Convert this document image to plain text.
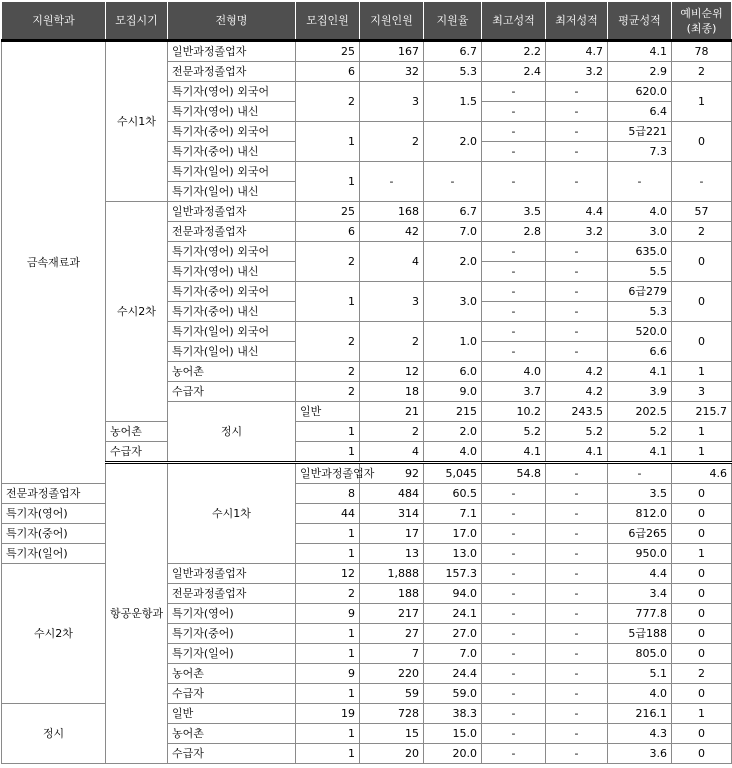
지원학과	모집시기	전형명	모집인원	지원인원	지원율	최고성적	최저성적	평균성적	예비순위
(최종)	
금속재료과	수시1차	일반과정졸업자	25	167	6.7	2.2	4.7	4.1	78	
		전문과정졸업자	6	32	5.3	2.4	3.2	2.9	2	
		특기자(영어) 외국어	2	3	1.5	-	-	620.0	1	
		특기자(영어) 내신				-	-	6.4		
		특기자(중어) 외국어	1	2	2.0	-	-	5급221	0	
		특기자(중어) 내신				-	-	7.3		
		특기자(일어) 외국어	1	-	-	-	-	-	-	
		특기자(일어) 내신								
	수시2차	일반과정졸업자	25	168	6.7	3.5	4.4	4.0	57	
		전문과정졸업자	6	42	7.0	2.8	3.2	3.0	2	
		특기자(영어) 외국어	2	4	2.0	-	-	635.0	0	
		특기자(영어) 내신				-	-	5.5		
		특기자(중어) 외국어	1	3	3.0	-	-	6급279	0	
		특기자(중어) 내신				-	-	5.3		
		특기자(일어) 외국어	2	2	1.0	-	-	520.0	0	
		특기자(일어) 내신				-	-	6.6		
		농어촌	2	12	6.0	4.0	4.2	4.1	1	
		수급자	2	18	9.0	3.7	4.2	3.9	3	
		정시	일반	21	215	10.2	243.5	202.5	215.7	
	농어촌		1	2	2.0	5.2	5.2	5.2	1	
	수급자		1	4	4.0	4.1	4.1	4.1	1	
	항공운항과	수시1차	일반과정졸업자	92	5,045	54.8	-	-	4.6	
전문과정졸업자			8	484	60.5	-	-	3.5	0	
특기자(영어)			44	314	7.1	-	-	812.0	0	
특기자(중어)			1	17	17.0	-	-	6급265	0	
특기자(일어)			1	13	13.0	-	-	950.0	1	
수시2차		일반과정졸업자	12	1,888	157.3	-	-	4.4	0	
		전문과정졸업자	2	188	94.0	-	-	3.4	0	
		특기자(영어)	9	217	24.1	-	-	777.8	0	
		특기자(중어)	1	27	27.0	-	-	5급188	0	
		특기자(일어)	1	7	7.0	-	-	805.0	0	
		농어촌	9	220	24.4	-	-	5.1	2	
		수급자	1	59	59.0	-	-	4.0	0	
정시		일반	19	728	38.3	-	-	216.1	1	
		농어촌	1	15	15.0	-	-	4.3	0	
		수급자	1	20	20.0	-	-	3.6	0	
